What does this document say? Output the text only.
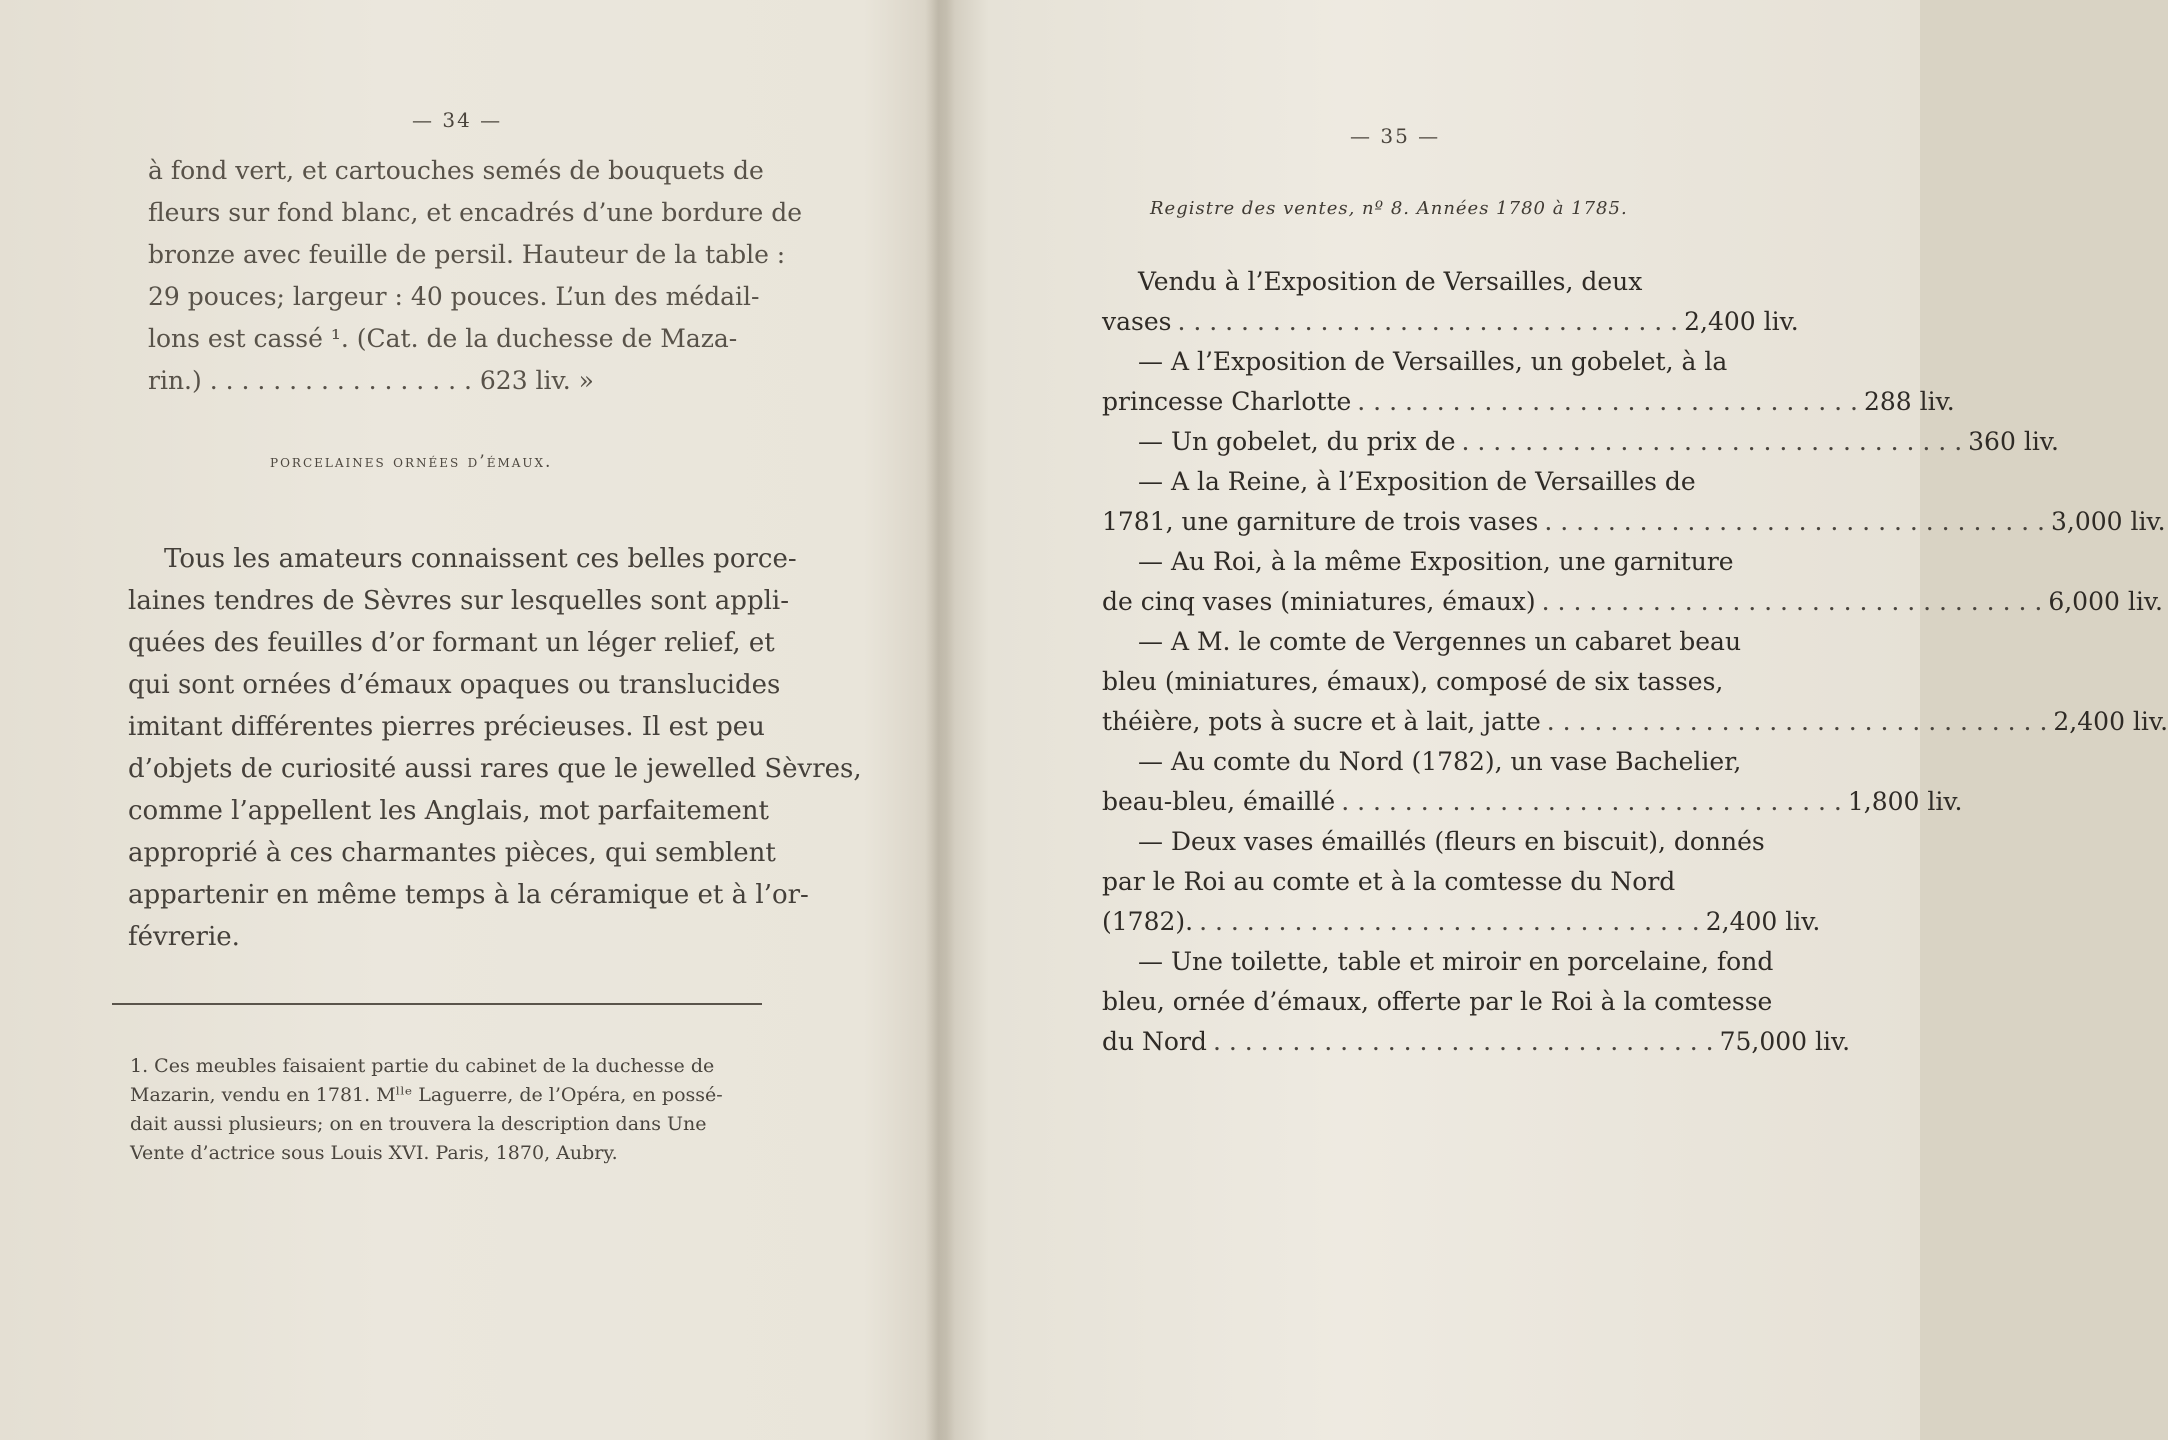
— 34 —
à fond vert, et cartouches semés de bouquets de
fleurs sur fond blanc, et encadrés d’une bordure de
bronze avec feuille de persil. Hauteur de la table :
29 pouces; largeur : 40 pouces. L’un des médail-
lons est cassé ¹. (Cat. de la duchesse de Maza-
rin.) . . . . . . . . . . . . . . . . . 623 liv. »
porcelaines ornées d’émaux.
Tous les amateurs connaissent ces belles porce-
laines tendres de Sèvres sur lesquelles sont appli-
quées des feuilles d’or formant un léger relief, et
qui sont ornées d’émaux opaques ou translucides
imitant différentes pierres précieuses. Il est peu
d’objets de curiosité aussi rares que le jewelled Sèvres,
comme l’appellent les Anglais, mot parfaitement
approprié à ces charmantes pièces, qui semblent
appartenir en même temps à la céramique et à l’or-
févrerie.
1. Ces meubles faisaient partie du cabinet de la duchesse de
Mazarin, vendu en 1781. Mˡˡᵉ Laguerre, de l’Opéra, en possé-
dait aussi plusieurs; on en trouvera la description dans Une
Vente d’actrice sous Louis XVI. Paris, 1870, Aubry.
— 35 —
Registre des ventes, nº 8. Années 1780 à 1785.
Vendu à l’Exposition de Versailles, deux
vases . . . . . . . . . . . . . . . . . . . . . . . . . . . . . . . . 2,400 liv.
— A l’Exposition de Versailles, un gobelet, à la
princesse Charlotte . . . . . . . . . . . . . . . . . . . . . . . . . . . . . . . . 288 liv.
— Un gobelet, du prix de . . . . . . . . . . . . . . . . . . . . . . . . . . . . . . . . 360 liv.
— A la Reine, à l’Exposition de Versailles de
1781, une garniture de trois vases . . . . . . . . . . . . . . . . . . . . . . . . . . . . . . . . 3,000 liv.
— Au Roi, à la même Exposition, une garniture
de cinq vases (miniatures, émaux) . . . . . . . . . . . . . . . . . . . . . . . . . . . . . . . . 6,000 liv.
— A M. le comte de Vergennes un cabaret beau
bleu (miniatures, émaux), composé de six tasses,
théière, pots à sucre et à lait, jatte . . . . . . . . . . . . . . . . . . . . . . . . . . . . . . . . 2,400 liv.
— Au comte du Nord (1782), un vase Bachelier,
beau-bleu, émaillé . . . . . . . . . . . . . . . . . . . . . . . . . . . . . . . . 1,800 liv.
— Deux vases émaillés (fleurs en biscuit), donnés
par le Roi au comte et à la comtesse du Nord
(1782). . . . . . . . . . . . . . . . . . . . . . . . . . . . . . . . . 2,400 liv.
— Une toilette, table et miroir en porcelaine, fond
bleu, ornée d’émaux, offerte par le Roi à la comtesse
du Nord . . . . . . . . . . . . . . . . . . . . . . . . . . . . . . . . 75,000 liv.
